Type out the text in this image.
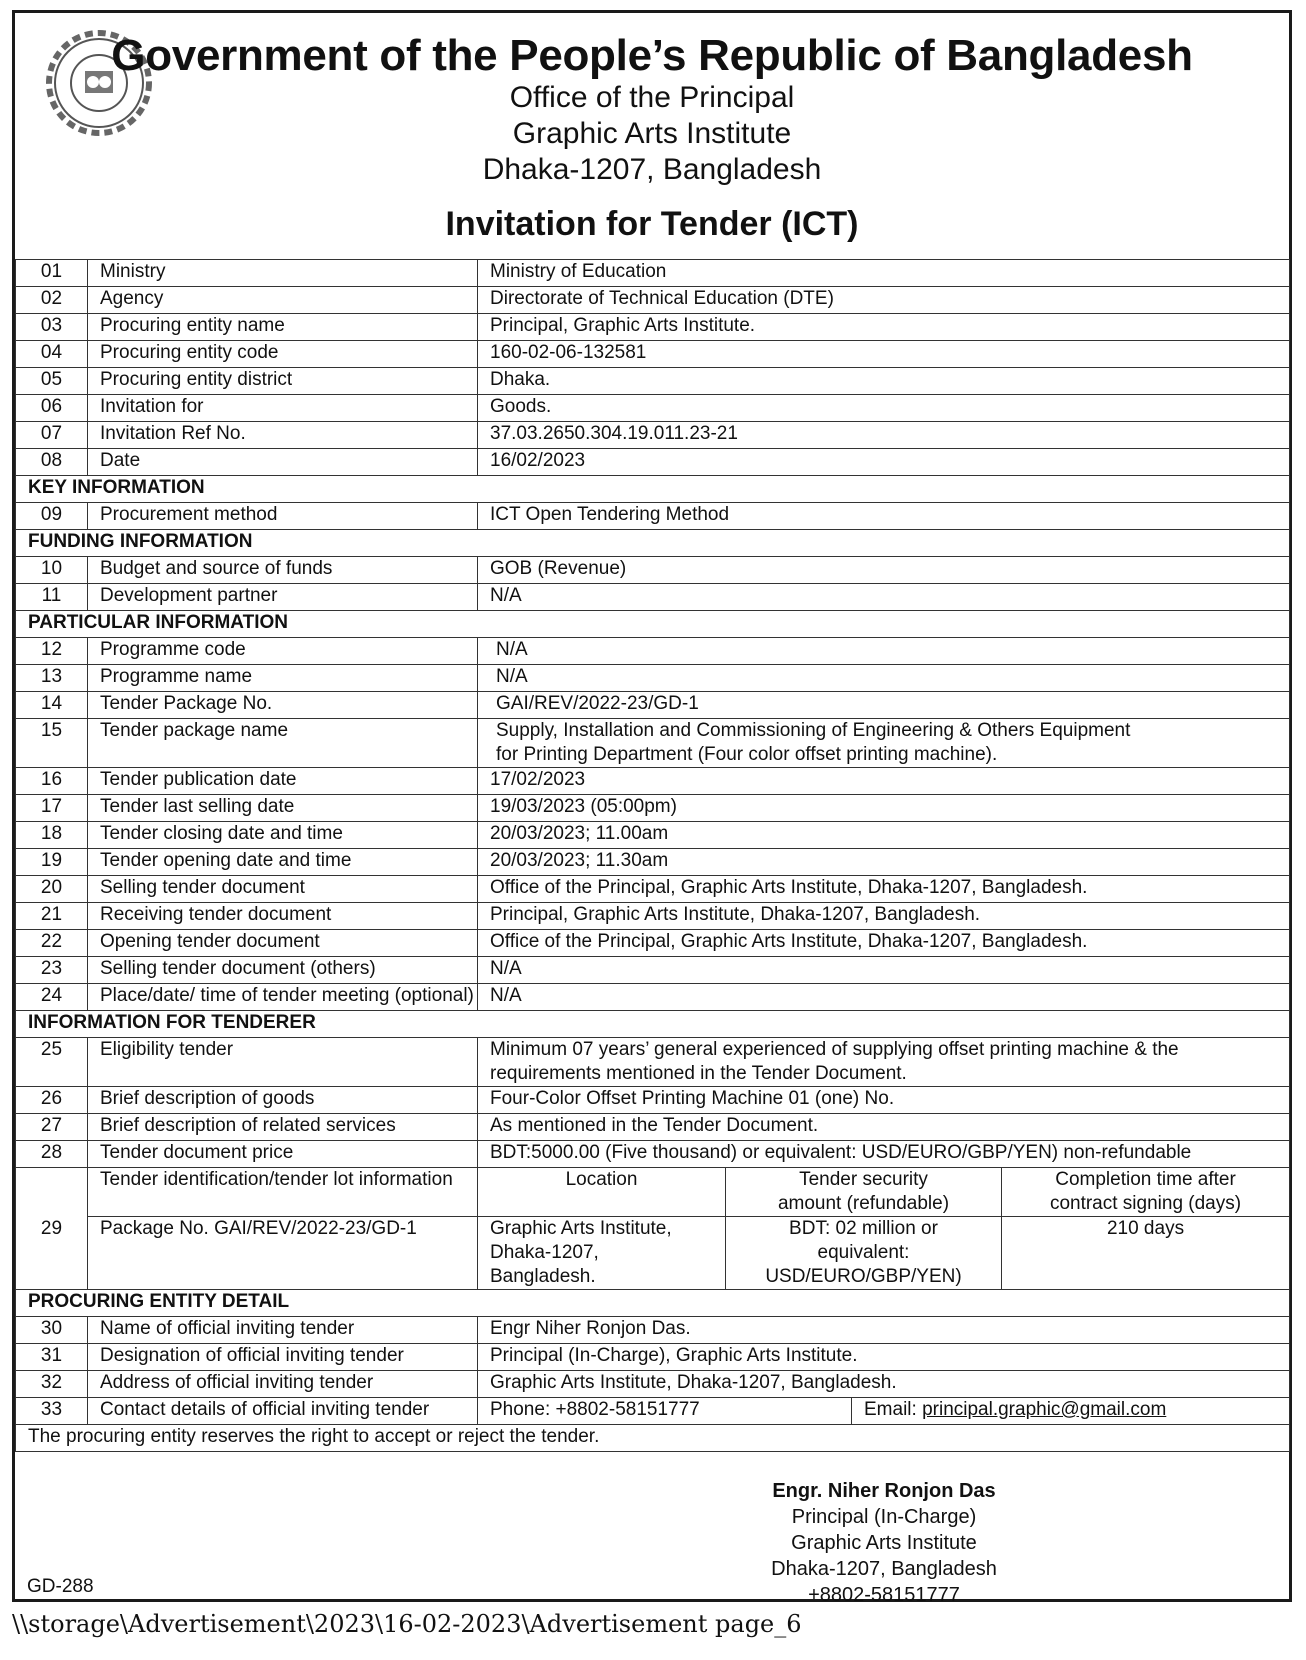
Government of the People’s Republic of Bangladesh
Office of the Principal
Graphic Arts Institute
Dhaka-1207, Bangladesh
Invitation for Tender (ICT)
01	Ministry	Ministry of Education			

02	Agency	Directorate of Technical Education (DTE)			

03	Procuring entity name	Principal, Graphic Arts Institute.			

04	Procuring entity code	160-02-06-132581			

05	Procuring entity district	Dhaka.			

06	Invitation for	Goods.			

07	Invitation Ref No.	37.03.2650.304.19.011.23-21			

08	Date	16/02/2023			

KEY INFORMATION					
09	Procurement method	ICT Open Tendering Method			

FUNDING INFORMATION					
10	Budget and source of funds	GOB (Revenue)			

11	Development partner	N/A			

PARTICULAR INFORMATION					
12	Programme code	N/A			

13	Programme name	N/A			

14	Tender Package No.	GAI/REV/2022-23/GD-1			

15	Tender package name	Supply, Installation and Commissioning of Engineering & Others Equipment
for Printing Department (Four color offset printing machine).			

16	Tender publication date	17/02/2023			

17	Tender last selling date	19/03/2023 (05:00pm)			

18	Tender closing date and time	20/03/2023; 11.00am			

19	Tender opening date and time	20/03/2023; 11.30am			

20	Selling tender document	Office of the Principal, Graphic Arts Institute, Dhaka-1207, Bangladesh.			

21	Receiving tender document	Principal, Graphic Arts Institute, Dhaka-1207, Bangladesh.			

22	Opening tender document	Office of the Principal, Graphic Arts Institute, Dhaka-1207, Bangladesh.			

23	Selling tender document (others)	N/A			

24	Place/date/ time of tender meeting (optional)	N/A			

INFORMATION FOR TENDERER					
25	Eligibility tender	Minimum 07 years’ general experienced of supplying offset printing machine & the
requirements mentioned in the Tender Document.			

26	Brief description of goods	Four-Color Offset Printing Machine 01 (one) No.			

27	Brief description of related services	As mentioned in the Tender Document.			

28	Tender document price	BDT:5000.00 (Five thousand) or equivalent: USD/EURO/GBP/YEN) non-refundable			

29	Tender identification/tender lot information	Location	Tender security amount (refundable)		Completion time after contract signing (days)
	Package No. GAI/REV/2022-23/GD-1	Graphic Arts Institute, Dhaka-1207, Bangladesh.	BDT: 02 million or equivalent: USD/EURO/GBP/YEN)		210 days
PROCURING ENTITY DETAIL					
30	Name of official inviting tender	Engr Niher Ronjon Das.			

31	Designation of official inviting tender	Principal (In-Charge), Graphic Arts Institute.			

32	Address of official inviting tender	Graphic Arts Institute, Dhaka-1207, Bangladesh.			

33	Contact details of official inviting tender	Phone: +8802-58151777		Email: principal.graphic@gmail.com	
The procuring entity reserves the right to accept or reject the tender.					
Engr. Niher Ronjon Das
Principal (In-Charge)
Graphic Arts Institute
Dhaka-1207, Bangladesh
+8802-58151777
GD-288
\\storage\Advertisement\2023\16-02-2023\Advertisement page_6
